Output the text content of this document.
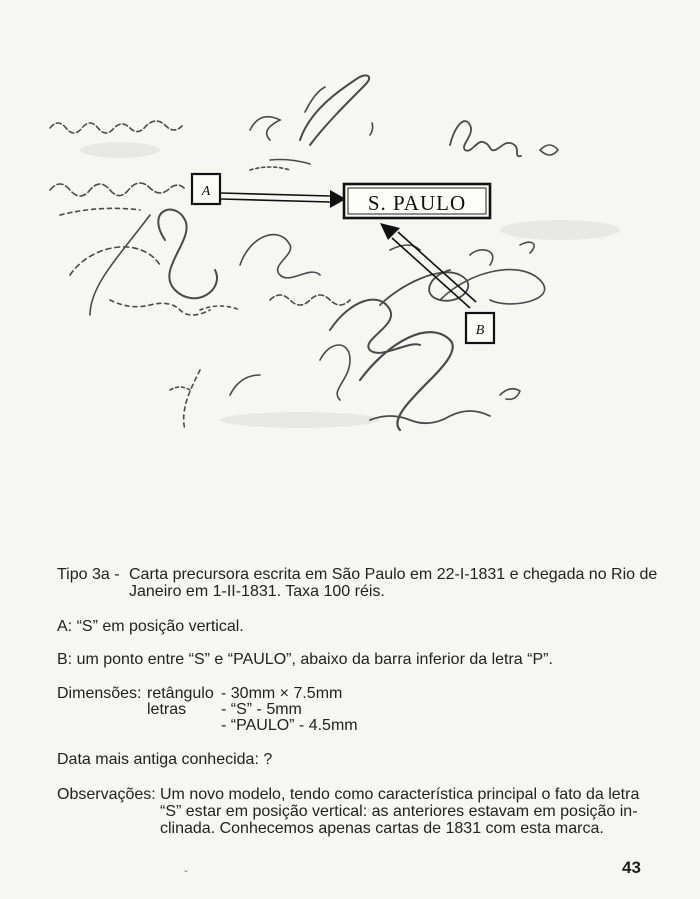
A	S. PAULO
B
Tipo 3a - Carta precursora escrita em São Paulo em 22-I-1831 e chegada no Rio de
Janeiro em 1-II-1831. Taxa 100 réis.
A: “S” em posição vertical.
B: um ponto entre “S” e “PAULO”, abaixo da barra inferior da letra “P”.
Dimensões: retângulo - 30mm × 7.5mm
letras - “S” - 5mm
- “PAULO” - 4.5mm
Data mais antiga conhecida: ?
Observações: Um novo modelo, tendo como característica principal o fato da letra
“S” estar em posição vertical: as anteriores estavam em posição in-
clinada. Conhecemos apenas cartas de 1831 com esta marca.
ˇ	43
